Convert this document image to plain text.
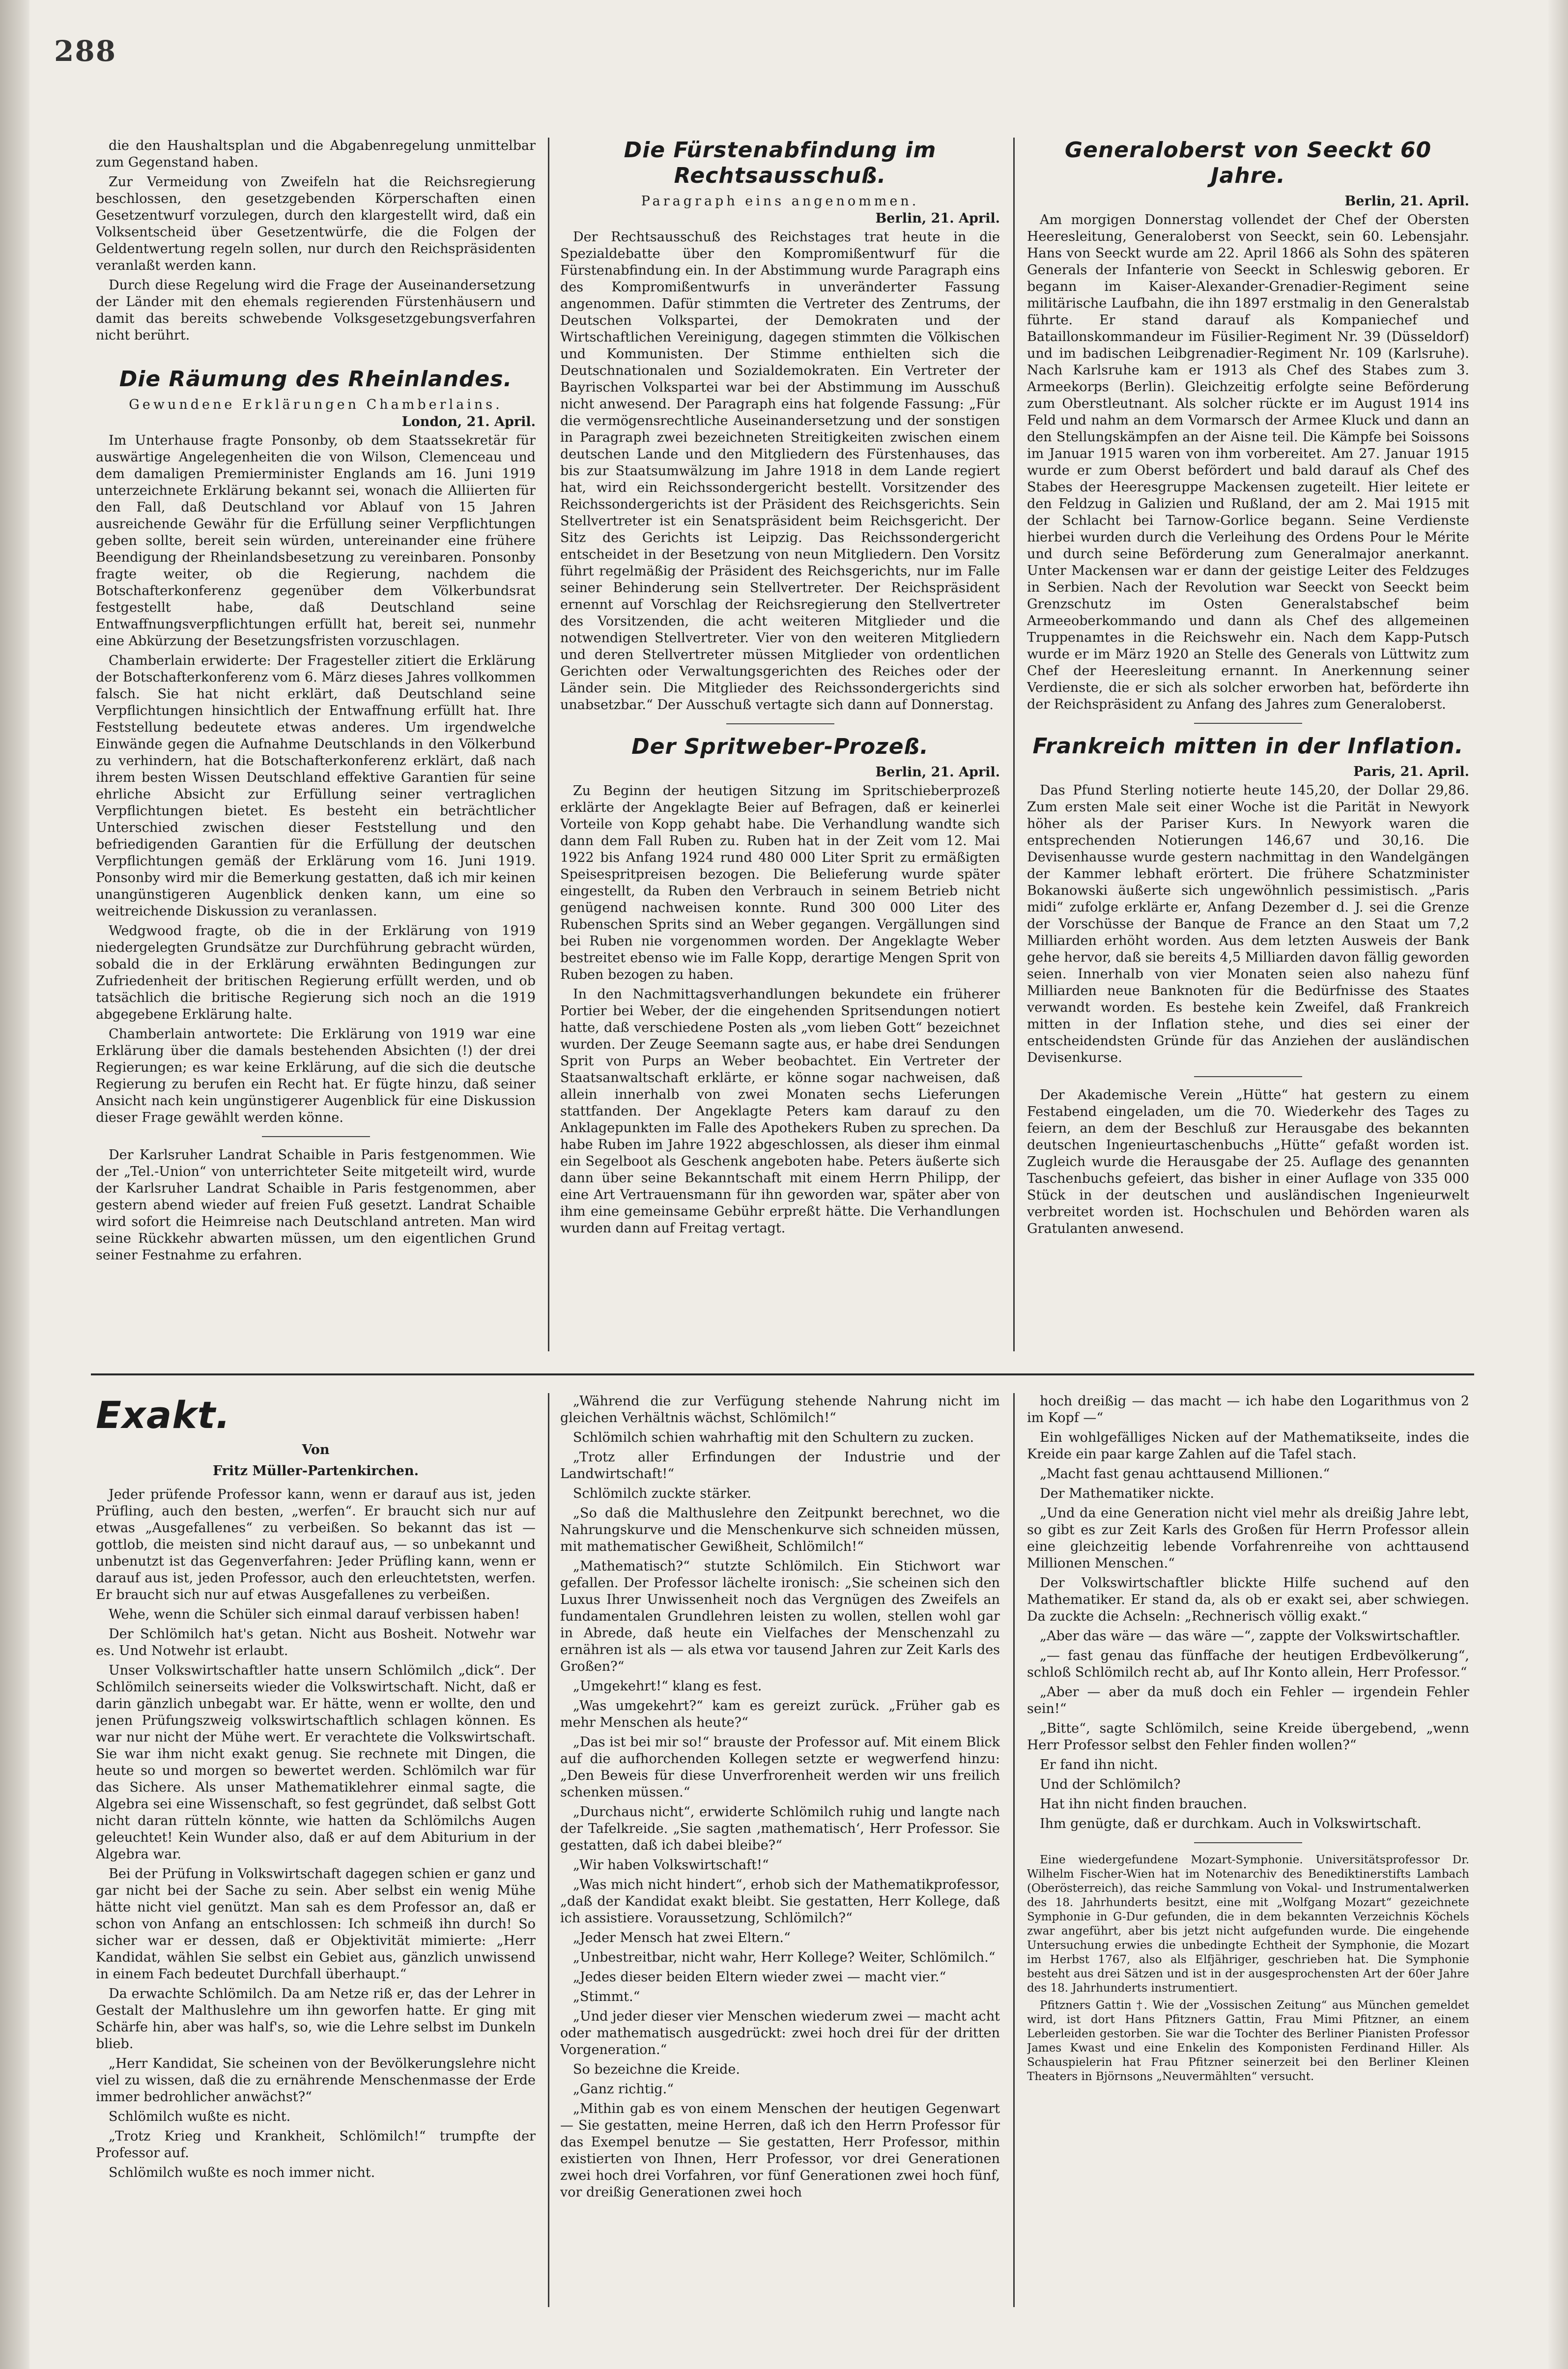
288

die den Haushaltsplan und die Abgabenregelung unmittelbar zum Gegenstand haben.

Zur Vermeidung von Zweifeln hat die Reichsregierung beschlossen, den gesetzgebenden Körperschaften einen Gesetzentwurf vorzulegen, durch den klargestellt wird, daß ein Volksentscheid über Gesetzentwürfe, die die Folgen der Geldentwertung regeln sollen, nur durch den Reichspräsidenten veranlaßt werden kann.

Durch diese Regelung wird die Frage der Auseinandersetzung der Länder mit den ehemals regierenden Fürstenhäusern und damit das bereits schwebende Volksgesetzgebungsverfahren nicht berührt.

Die Räumung des Rheinlandes.
Gewundene Erklärungen Chamberlains.
London, 21. April.

Im Unterhause fragte Ponsonby, ob dem Staatssekretär für auswärtige Angelegenheiten die von Wilson, Clemenceau und dem damaligen Premierminister Englands am 16. Juni 1919 unterzeichnete Erklärung bekannt sei, wonach die Alliierten für den Fall, daß Deutschland vor Ablauf von 15 Jahren ausreichende Gewähr für die Erfüllung seiner Verpflichtungen geben sollte, bereit sein würden, untereinander eine frühere Beendigung der Rheinlandsbesetzung zu vereinbaren. Ponsonby fragte weiter, ob die Regierung, nachdem die Botschafterkonferenz gegenüber dem Völkerbundsrat festgestellt habe, daß Deutschland seine Entwaffnungsverpflichtungen erfüllt hat, bereit sei, nunmehr eine Abkürzung der Besetzungsfristen vorzuschlagen.

Chamberlain erwiderte: Der Fragesteller zitiert die Erklärung der Botschafterkonferenz vom 6. März dieses Jahres vollkommen falsch. Sie hat nicht erklärt, daß Deutschland seine Verpflichtungen hinsichtlich der Entwaffnung erfüllt hat. Ihre Feststellung bedeutete etwas anderes. Um irgendwelche Einwände gegen die Aufnahme Deutschlands in den Völkerbund zu verhindern, hat die Botschafterkonferenz erklärt, daß nach ihrem besten Wissen Deutschland effektive Garantien für seine ehrliche Absicht zur Erfüllung seiner vertraglichen Verpflichtungen bietet. Es besteht ein beträchtlicher Unterschied zwischen dieser Feststellung und den befriedigenden Garantien für die Erfüllung der deutschen Verpflichtungen gemäß der Erklärung vom 16. Juni 1919. Ponsonby wird mir die Bemerkung gestatten, daß ich mir keinen unangünstigeren Augenblick denken kann, um eine so weitreichende Diskussion zu veranlassen.

Wedgwood fragte, ob die in der Erklärung von 1919 niedergelegten Grundsätze zur Durchführung gebracht würden, sobald die in der Erklärung erwähnten Bedingungen zur Zufriedenheit der britischen Regierung erfüllt werden, und ob tatsächlich die britische Regierung sich noch an die 1919 abgegebene Erklärung halte.

Chamberlain antwortete: Die Erklärung von 1919 war eine Erklärung über die damals bestehenden Absichten (!) der drei Regierungen; es war keine Erklärung, auf die sich die deutsche Regierung zu berufen ein Recht hat. Er fügte hinzu, daß seiner Ansicht nach kein ungünstigerer Augenblick für eine Diskussion dieser Frage gewählt werden könne.

Der Karlsruher Landrat Schaible in Paris festgenommen. Wie der „Tel.-Union“ von unterrichteter Seite mitgeteilt wird, wurde der Karlsruher Landrat Schaible in Paris festgenommen, aber gestern abend wieder auf freien Fuß gesetzt. Landrat Schaible wird sofort die Heimreise nach Deutschland antreten. Man wird seine Rückkehr abwarten müssen, um den eigentlichen Grund seiner Festnahme zu erfahren.

Die Fürstenabfindung im Rechtsausschuß.
Paragraph eins angenommen.
Berlin, 21. April.

Der Rechtsausschuß des Reichstages trat heute in die Spezialdebatte über den Kompromißentwurf für die Fürstenabfindung ein. In der Abstimmung wurde Paragraph eins des Kompromißentwurfs in unveränderter Fassung angenommen. Dafür stimmten die Vertreter des Zentrums, der Deutschen Volkspartei, der Demokraten und der Wirtschaftlichen Vereinigung, dagegen stimmten die Völkischen und Kommunisten. Der Stimme enthielten sich die Deutschnationalen und Sozialdemokraten. Ein Vertreter der Bayrischen Volkspartei war bei der Abstimmung im Ausschuß nicht anwesend. Der Paragraph eins hat folgende Fassung: „Für die vermögensrechtliche Auseinandersetzung und der sonstigen in Paragraph zwei bezeichneten Streitigkeiten zwischen einem deutschen Lande und den Mitgliedern des Fürstenhauses, das bis zur Staatsumwälzung im Jahre 1918 in dem Lande regiert hat, wird ein Reichssondergericht bestellt. Vorsitzender des Reichssondergerichts ist der Präsident des Reichsgerichts. Sein Stellvertreter ist ein Senatspräsident beim Reichsgericht. Der Sitz des Gerichts ist Leipzig. Das Reichssondergericht entscheidet in der Besetzung von neun Mitgliedern. Den Vorsitz führt regelmäßig der Präsident des Reichsgerichts, nur im Falle seiner Behinderung sein Stellvertreter. Der Reichspräsident ernennt auf Vorschlag der Reichsregierung den Stellvertreter des Vorsitzenden, die acht weiteren Mitglieder und die notwendigen Stellvertreter. Vier von den weiteren Mitgliedern und deren Stellvertreter müssen Mitglieder von ordentlichen Gerichten oder Verwaltungsgerichten des Reiches oder der Länder sein. Die Mitglieder des Reichssondergerichts sind unabsetzbar.“ Der Ausschuß vertagte sich dann auf Donnerstag.

Der Spritweber-Prozeß.
Berlin, 21. April.

Zu Beginn der heutigen Sitzung im Spritschieberprozeß erklärte der Angeklagte Beier auf Befragen, daß er keinerlei Vorteile von Kopp gehabt habe. Die Verhandlung wandte sich dann dem Fall Ruben zu. Ruben hat in der Zeit vom 12. Mai 1922 bis Anfang 1924 rund 480 000 Liter Sprit zu ermäßigten Speisespritpreisen bezogen. Die Belieferung wurde später eingestellt, da Ruben den Verbrauch in seinem Betrieb nicht genügend nachweisen konnte. Rund 300 000 Liter des Rubenschen Sprits sind an Weber gegangen. Vergällungen sind bei Ruben nie vorgenommen worden. Der Angeklagte Weber bestreitet ebenso wie im Falle Kopp, derartige Mengen Sprit von Ruben bezogen zu haben.

In den Nachmittagsverhandlungen bekundete ein früherer Portier bei Weber, der die eingehenden Spritsendungen notiert hatte, daß verschiedene Posten als „vom lieben Gott“ bezeichnet wurden. Der Zeuge Seemann sagte aus, er habe drei Sendungen Sprit von Purps an Weber beobachtet. Ein Vertreter der Staatsanwaltschaft erklärte, er könne sogar nachweisen, daß allein innerhalb von zwei Monaten sechs Lieferungen stattfanden. Der Angeklagte Peters kam darauf zu den Anklagepunkten im Falle des Apothekers Ruben zu sprechen. Da habe Ruben im Jahre 1922 abgeschlossen, als dieser ihm einmal ein Segelboot als Geschenk angeboten habe. Peters äußerte sich dann über seine Bekanntschaft mit einem Herrn Philipp, der eine Art Vertrauensmann für ihn geworden war, später aber von ihm eine gemeinsame Gebühr erpreßt hätte. Die Verhandlungen wurden dann auf Freitag vertagt.

Generaloberst von Seeckt 60 Jahre.
Berlin, 21. April.

Am morgigen Donnerstag vollendet der Chef der Obersten Heeresleitung, Generaloberst von Seeckt, sein 60. Lebensjahr. Hans von Seeckt wurde am 22. April 1866 als Sohn des späteren Generals der Infanterie von Seeckt in Schleswig geboren. Er begann im Kaiser-Alexander-Grenadier-Regiment seine militärische Laufbahn, die ihn 1897 erstmalig in den Generalstab führte. Er stand darauf als Kompaniechef und Bataillonskommandeur im Füsilier-Regiment Nr. 39 (Düsseldorf) und im badischen Leibgrenadier-Regiment Nr. 109 (Karlsruhe). Nach Karlsruhe kam er 1913 als Chef des Stabes zum 3. Armeekorps (Berlin). Gleichzeitig erfolgte seine Beförderung zum Oberstleutnant. Als solcher rückte er im August 1914 ins Feld und nahm an dem Vormarsch der Armee Kluck und dann an den Stellungskämpfen an der Aisne teil. Die Kämpfe bei Soissons im Januar 1915 waren von ihm vorbereitet. Am 27. Januar 1915 wurde er zum Oberst befördert und bald darauf als Chef des Stabes der Heeresgruppe Mackensen zugeteilt. Hier leitete er den Feldzug in Galizien und Rußland, der am 2. Mai 1915 mit der Schlacht bei Tarnow-Gorlice begann. Seine Verdienste hierbei wurden durch die Verleihung des Ordens Pour le Mérite und durch seine Beförderung zum Generalmajor anerkannt. Unter Mackensen war er dann der geistige Leiter des Feldzuges in Serbien. Nach der Revolution war Seeckt von Seeckt beim Grenzschutz im Osten Generalstabschef beim Armeeoberkommando und dann als Chef des allgemeinen Truppenamtes in die Reichswehr ein. Nach dem Kapp-Putsch wurde er im März 1920 an Stelle des Generals von Lüttwitz zum Chef der Heeresleitung ernannt. In Anerkennung seiner Verdienste, die er sich als solcher erworben hat, beförderte ihn der Reichspräsident zu Anfang des Jahres zum Generaloberst.

Frankreich mitten in der Inflation.
Paris, 21. April.

Das Pfund Sterling notierte heute 145,20, der Dollar 29,86. Zum ersten Male seit einer Woche ist die Parität in Newyork höher als der Pariser Kurs. In Newyork waren die entsprechenden Notierungen 146,67 und 30,16. Die Devisenhausse wurde gestern nachmittag in den Wandelgängen der Kammer lebhaft erörtert. Die frühere Schatzminister Bokanowski äußerte sich ungewöhnlich pessimistisch. „Paris midi“ zufolge erklärte er, Anfang Dezember d. J. sei die Grenze der Vorschüsse der Banque de France an den Staat um 7,2 Milliarden erhöht worden. Aus dem letzten Ausweis der Bank gehe hervor, daß sie bereits 4,5 Milliarden davon fällig geworden seien. Innerhalb von vier Monaten seien also nahezu fünf Milliarden neue Banknoten für die Bedürfnisse des Staates verwandt worden. Es bestehe kein Zweifel, daß Frankreich mitten in der Inflation stehe, und dies sei einer der entscheidendsten Gründe für das Anziehen der ausländischen Devisenkurse.

Der Akademische Verein „Hütte“ hat gestern zu einem Festabend eingeladen, um die 70. Wiederkehr des Tages zu feiern, an dem der Beschluß zur Herausgabe des bekannten deutschen Ingenieurtaschenbuchs „Hütte“ gefaßt worden ist. Zugleich wurde die Herausgabe der 25. Auflage des genannten Taschenbuchs gefeiert, das bisher in einer Auflage von 335 000 Stück in der deutschen und ausländischen Ingenieurwelt verbreitet worden ist. Hochschulen und Behörden waren als Gratulanten anwesend.

Exakt.
Von
Fritz Müller-Partenkirchen.

Jeder prüfende Professor kann, wenn er darauf aus ist, jeden Prüfling, auch den besten, „werfen“. Er braucht sich nur auf etwas „Ausgefallenes“ zu verbeißen. So bekannt das ist — gottlob, die meisten sind nicht darauf aus, — so unbekannt und unbenutzt ist das Gegenverfahren: Jeder Prüfling kann, wenn er darauf aus ist, jeden Professor, auch den erleuchtetsten, werfen. Er braucht sich nur auf etwas Ausgefallenes zu verbeißen.

Wehe, wenn die Schüler sich einmal darauf verbissen haben!

Der Schlömilch hat's getan. Nicht aus Bosheit. Notwehr war es. Und Notwehr ist erlaubt.

Unser Volkswirtschaftler hatte unsern Schlömilch „dick“. Der Schlömilch seinerseits wieder die Volkswirtschaft. Nicht, daß er darin gänzlich unbegabt war. Er hätte, wenn er wollte, den und jenen Prüfungszweig volkswirtschaftlich schlagen können. Es war nur nicht der Mühe wert. Er verachtete die Volkswirtschaft. Sie war ihm nicht exakt genug. Sie rechnete mit Dingen, die heute so und morgen so bewertet werden. Schlömilch war für das Sichere. Als unser Mathematiklehrer einmal sagte, die Algebra sei eine Wissenschaft, so fest gegründet, daß selbst Gott nicht daran rütteln könnte, wie hatten da Schlömilchs Augen geleuchtet! Kein Wunder also, daß er auf dem Abiturium in der Algebra war.

Bei der Prüfung in Volkswirtschaft dagegen schien er ganz und gar nicht bei der Sache zu sein. Aber selbst ein wenig Mühe hätte nicht viel genützt. Man sah es dem Professor an, daß er schon von Anfang an entschlossen: Ich schmeiß ihn durch! So sicher war er dessen, daß er Objektivität mimierte: „Herr Kandidat, wählen Sie selbst ein Gebiet aus, gänzlich unwissend in einem Fach bedeutet Durchfall überhaupt.“

Da erwachte Schlömilch. Da am Netze riß er, das der Lehrer in Gestalt der Malthuslehre um ihn geworfen hatte. Er ging mit Schärfe hin, aber was half's, so, wie die Lehre selbst im Dunkeln blieb.

„Herr Kandidat, Sie scheinen von der Bevölkerungslehre nicht viel zu wissen, daß die zu ernährende Menschenmasse der Erde immer bedrohlicher anwächst?“

Schlömilch wußte es nicht.

„Trotz Krieg und Krankheit, Schlömilch!“ trumpfte der Professor auf.

Schlömilch wußte es noch immer nicht.

„Während die zur Verfügung stehende Nahrung nicht im gleichen Verhältnis wächst, Schlömilch!“

Schlömilch schien wahrhaftig mit den Schultern zu zucken.

„Trotz aller Erfindungen der Industrie und der Landwirtschaft!“

Schlömilch zuckte stärker.

„So daß die Malthuslehre den Zeitpunkt berechnet, wo die Nahrungskurve und die Menschenkurve sich schneiden müssen, mit mathematischer Gewißheit, Schlömilch!“

„Mathematisch?“ stutzte Schlömilch. Ein Stichwort war gefallen. Der Professor lächelte ironisch: „Sie scheinen sich den Luxus Ihrer Unwissenheit noch das Vergnügen des Zweifels an fundamentalen Grundlehren leisten zu wollen, stellen wohl gar in Abrede, daß heute ein Vielfaches der Menschenzahl zu ernähren ist als — als etwa vor tausend Jahren zur Zeit Karls des Großen?“

„Umgekehrt!“ klang es fest.

„Was umgekehrt?“ kam es gereizt zurück. „Früher gab es mehr Menschen als heute?“

„Das ist bei mir so!“ brauste der Professor auf. Mit einem Blick auf die aufhorchenden Kollegen setzte er wegwerfend hinzu: „Den Beweis für diese Unverfrorenheit werden wir uns freilich schenken müssen.“

„Durchaus nicht“, erwiderte Schlömilch ruhig und langte nach der Tafelkreide. „Sie sagten ‚mathematisch‘, Herr Professor. Sie gestatten, daß ich dabei bleibe?“

„Wir haben Volkswirtschaft!“

„Was mich nicht hindert“, erhob sich der Mathematikprofessor, „daß der Kandidat exakt bleibt. Sie gestatten, Herr Kollege, daß ich assistiere. Voraussetzung, Schlömilch?“

„Jeder Mensch hat zwei Eltern.“

„Unbestreitbar, nicht wahr, Herr Kollege? Weiter, Schlömilch.“

„Jedes dieser beiden Eltern wieder zwei — macht vier.“

„Stimmt.“

„Und jeder dieser vier Menschen wiederum zwei — macht acht oder mathematisch ausgedrückt: zwei hoch drei für der dritten Vorgeneration.“

So bezeichne die Kreide.

„Ganz richtig.“

„Mithin gab es von einem Menschen der heutigen Gegenwart — Sie gestatten, meine Herren, daß ich den Herrn Professor für das Exempel benutze — Sie gestatten, Herr Professor, mithin existierten von Ihnen, Herr Professor, vor drei Generationen zwei hoch drei Vorfahren, vor fünf Generationen zwei hoch fünf, vor dreißig Generationen zwei hoch

hoch dreißig — das macht — ich habe den Logarithmus von 2 im Kopf —“

Ein wohlgefälliges Nicken auf der Mathematikseite, indes die Kreide ein paar karge Zahlen auf die Tafel stach.

„Macht fast genau achttausend Millionen.“

Der Mathematiker nickte.

„Und da eine Generation nicht viel mehr als dreißig Jahre lebt, so gibt es zur Zeit Karls des Großen für Herrn Professor allein eine gleichzeitig lebende Vorfahrenreihe von achttausend Millionen Menschen.“

Der Volkswirtschaftler blickte Hilfe suchend auf den Mathematiker. Er stand da, als ob er exakt sei, aber schwiegen. Da zuckte die Achseln: „Rechnerisch völlig exakt.“

„Aber das wäre — das wäre —“, zappte der Volkswirtschaftler.

„— fast genau das fünffache der heutigen Erdbevölkerung“, schloß Schlömilch recht ab, auf Ihr Konto allein, Herr Professor.“

„Aber — aber da muß doch ein Fehler — irgendein Fehler sein!“

„Bitte“, sagte Schlömilch, seine Kreide übergebend, „wenn Herr Professor selbst den Fehler finden wollen?“

Er fand ihn nicht.

Und der Schlömilch?

Hat ihn nicht finden brauchen.

Ihm genügte, daß er durchkam. Auch in Volkswirtschaft.

Eine wiedergefundene Mozart-Symphonie. Universitätsprofessor Dr. Wilhelm Fischer-Wien hat im Notenarchiv des Benediktinerstifts Lambach (Oberösterreich), das reiche Sammlung von Vokal- und Instrumentalwerken des 18. Jahrhunderts besitzt, eine mit „Wolfgang Mozart“ gezeichnete Symphonie in G-Dur gefunden, die in dem bekannten Verzeichnis Köchels zwar angeführt, aber bis jetzt nicht aufgefunden wurde. Die eingehende Untersuchung erwies die unbedingte Echtheit der Symphonie, die Mozart im Herbst 1767, also als Elfjähriger, geschrieben hat. Die Symphonie besteht aus drei Sätzen und ist in der ausgesprochensten Art der 60er Jahre des 18. Jahrhunderts instrumentiert.

Pfitzners Gattin †. Wie der „Vossischen Zeitung“ aus München gemeldet wird, ist dort Hans Pfitzners Gattin, Frau Mimi Pfitzner, an einem Leberleiden gestorben. Sie war die Tochter des Berliner Pianisten Professor James Kwast und eine Enkelin des Komponisten Ferdinand Hiller. Als Schauspielerin hat Frau Pfitzner seinerzeit bei den Berliner Kleinen Theaters in Björnsons „Neuvermählten“ versucht.
